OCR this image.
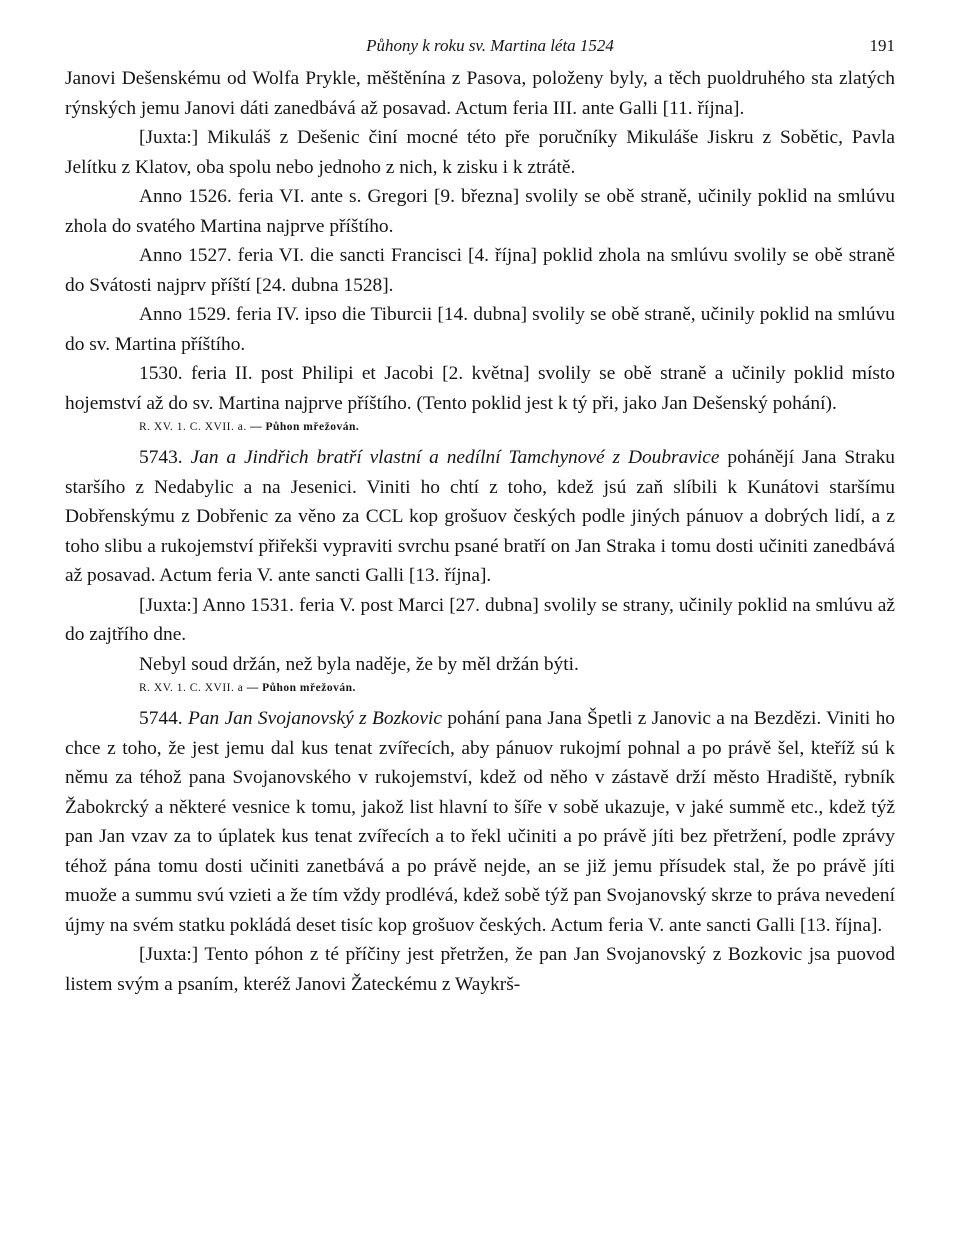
Půhony k roku sv. Martina léta 1524	191

Janovi Dešenskému od Wolfa Prykle, měštěnína z Pasova, položeny byly, a těch puoldruhého sta zlatých rýnských jemu Janovi dáti zanedbává až posavad. Actum feria III. ante Galli [11. října].

[Juxta:] Mikuláš z Dešenic činí mocné této pře poručníky Mikuláše Jiskru z Sobětic, Pavla Jelítku z Klatov, oba spolu nebo jednoho z nich, k zisku i k ztrátě.

Anno 1526. feria VI. ante s. Gregori [9. března] svolily se obě straně, učinily poklid na smlúvu zhola do svatého Martina najprve příštího.

Anno 1527. feria VI. die sancti Francisci [4. října] poklid zhola na smlúvu svolily se obě straně do Svátosti najprv příští [24. dubna 1528].

Anno 1529. feria IV. ipso die Tiburcii [14. dubna] svolily se obě straně, učinily poklid na smlúvu do sv. Martina příštího.

1530. feria II. post Philipi et Jacobi [2. května] svolily se obě straně a učinily poklid místo hojemství až do sv. Martina najprve příštího. (Tento poklid jest k tý při, jako Jan Dešenský pohání).

R. XV. 1. C. XVII. a. — Půhon mřežován.

5743. Jan a Jindřich bratří vlastní a nedílní Tamchynové z Doubravice pohánějí Jana Straku staršího z Nedabylic a na Jesenici. Viniti ho chtí z toho, kdež jsú zaň slíbili k Kunátovi staršímu Dobřenskýmu z Dobřenic za věno za CCL kop grošuov českých podle jiných pánuov a dobrých lidí, a z toho slibu a rukojemství přiřekši vypraviti svrchu psané bratří on Jan Straka i tomu dosti učiniti zanedbává až posavad. Actum feria V. ante sancti Galli [13. října].

[Juxta:] Anno 1531. feria V. post Marci [27. dubna] svolily se strany, učinily poklid na smlúvu až do zajtřího dne.

Nebyl soud držán, než byla naděje, že by měl držán býti.

R. XV. 1. C. XVII. a — Půhon mřežován.

5744. Pan Jan Svojanovský z Bozkovic pohání pana Jana Špetli z Janovic a na Bezdězi. Viniti ho chce z toho, že jest jemu dal kus tenat zvířecích, aby pánuov rukojmí pohnal a po právě šel, kteříž sú k němu za téhož pana Svojanovského v rukojemství, kdež od něho v zástavě drží město Hradiště, rybník Žabokrcký a některé vesnice k tomu, jakož list hlavní to šíře v sobě ukazuje, v jaké summě etc., kdež týž pan Jan vzav za to úplatek kus tenat zvířecích a to řekl učiniti a po právě jíti bez přetržení, podle zprávy téhož pána tomu dosti učiniti zanetbává a po právě nejde, an se již jemu přísudek stal, že po právě jíti muože a summu svú vzieti a že tím vždy prodlévá, kdež sobě týž pan Svojanovský skrze to práva nevedení újmy na svém statku pokládá deset tisíc kop grošuov českých. Actum feria V. ante sancti Galli [13. října].

[Juxta:] Tento póhon z té příčiny jest přetržen, že pan Jan Svojanovský z Bozkovic jsa puovod listem svým a psaním, kteréž Janovi Žateckému z Waykrš-
